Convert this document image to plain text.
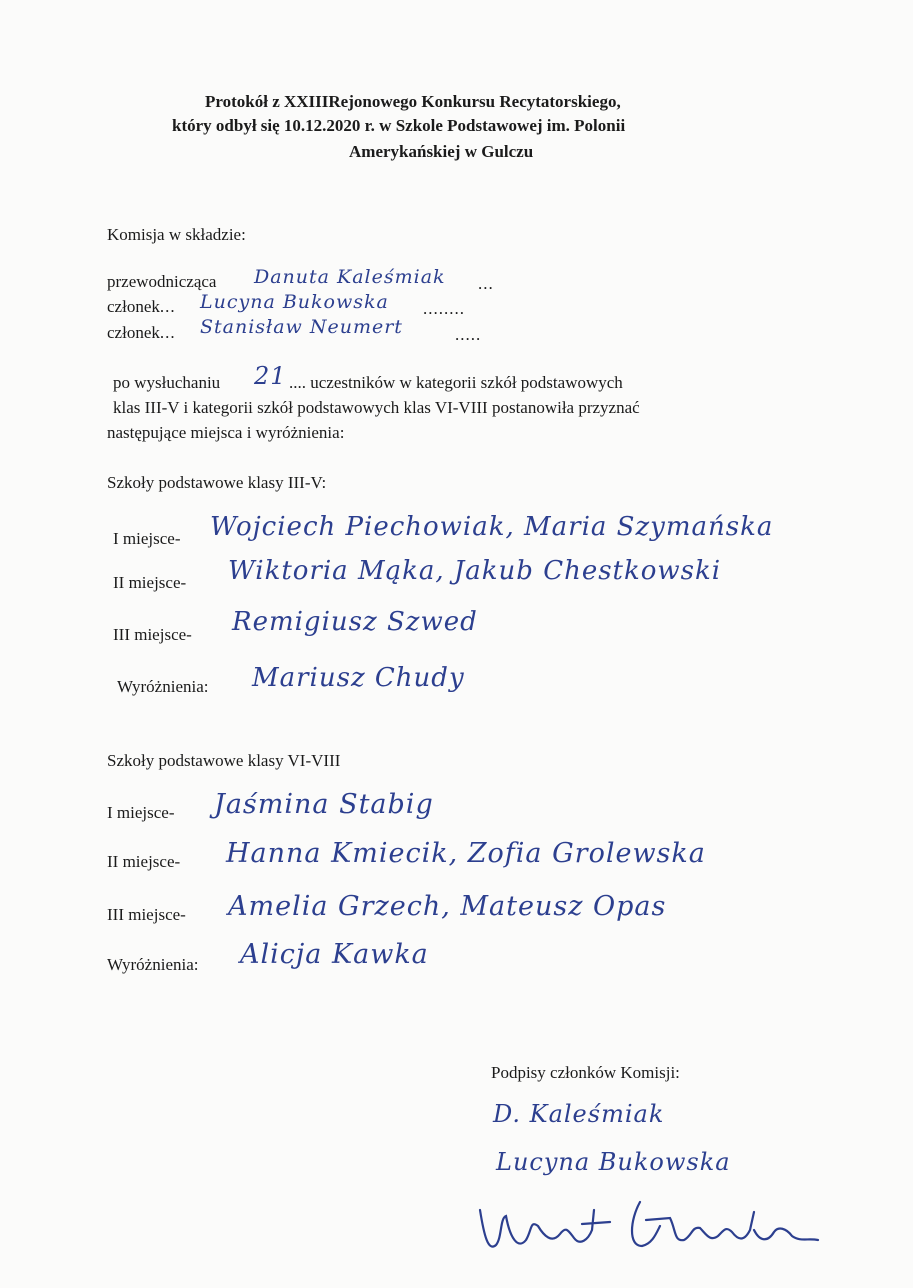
Protokół z XXIIIRejonowego Konkursu Recytatorskiego,
który odbył się 10.12.2020 r. w Szkole Podstawowej im. Polonii
Amerykańskiej w Gulczu
Komisja w składzie:
przewodnicząca Danuta Kaleśmiak ...
członek... Lucyna Bukowska ........
członek... Stanisław Neumert	.....
po wysłuchaniu 21 .... uczestników w kategorii szkół podstawowych
klas III-V i kategorii szkół podstawowych klas VI-VIII postanowiła przyznać
następujące miejsca i wyróżnienia:
Szkoły podstawowe klasy III-V:
I miejsce- Wojciech Piechowiak, Maria Szymańska
II miejsce- Wiktoria Mąka, Jakub Chestkowski
III miejsce- Remigiusz Szwed
Wyróżnienia: Mariusz Chudy
Szkoły podstawowe klasy VI-VIII
I miejsce- Jaśmina Stabig
II miejsce- Hanna Kmiecik, Zofia Grolewska
III miejsce- Amelia Grzech, Mateusz Opas
Wyróżnienia: Alicja Kawka
Podpisy członków Komisji:
D. Kaleśmiak
Lucyna Bukowska
